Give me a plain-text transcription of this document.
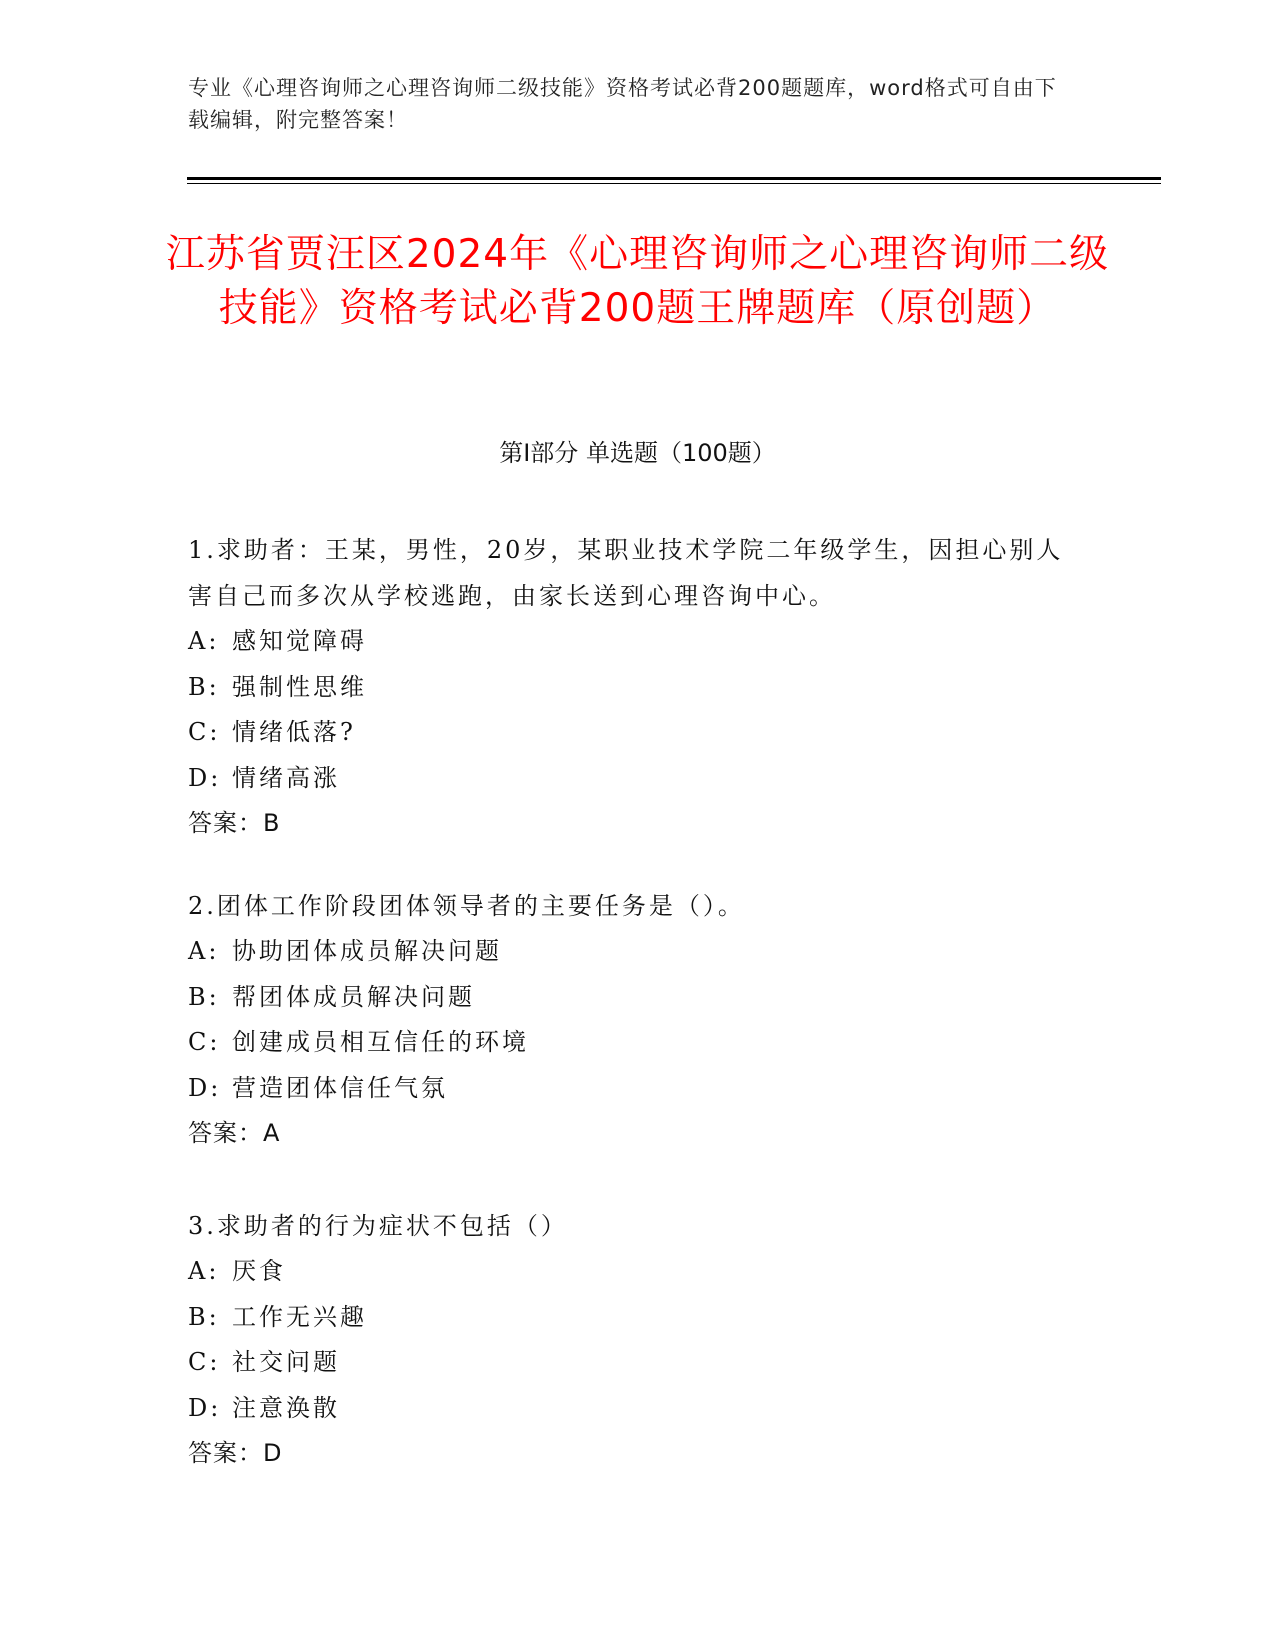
专业《心理咨询师之心理咨询师二级技能》资格考试必背200题题库，word格式可自由下载编辑，附完整答案！
江苏省贾汪区2024年《心理咨询师之心理咨询师二级技能》资格考试必背200题王牌题库（原创题）
第Ⅰ部分 单选题（100题）

1.求助者：王某，男性，20岁，某职业技术学院二年级学生，因担心别人害自己而多次从学校逃跑，由家长送到心理咨询中心。

A: 感知觉障碍

B: 强制性思维

C: 情绪低落?

D: 情绪高涨

答案：B

2.团体工作阶段团体领导者的主要任务是（）。

A: 协助团体成员解决问题

B: 帮团体成员解决问题

C: 创建成员相互信任的环境

D: 营造团体信任气氛

答案：A

3.求助者的行为症状不包括（）

A: 厌食

B: 工作无兴趣

C: 社交问题

D: 注意涣散

答案：D
